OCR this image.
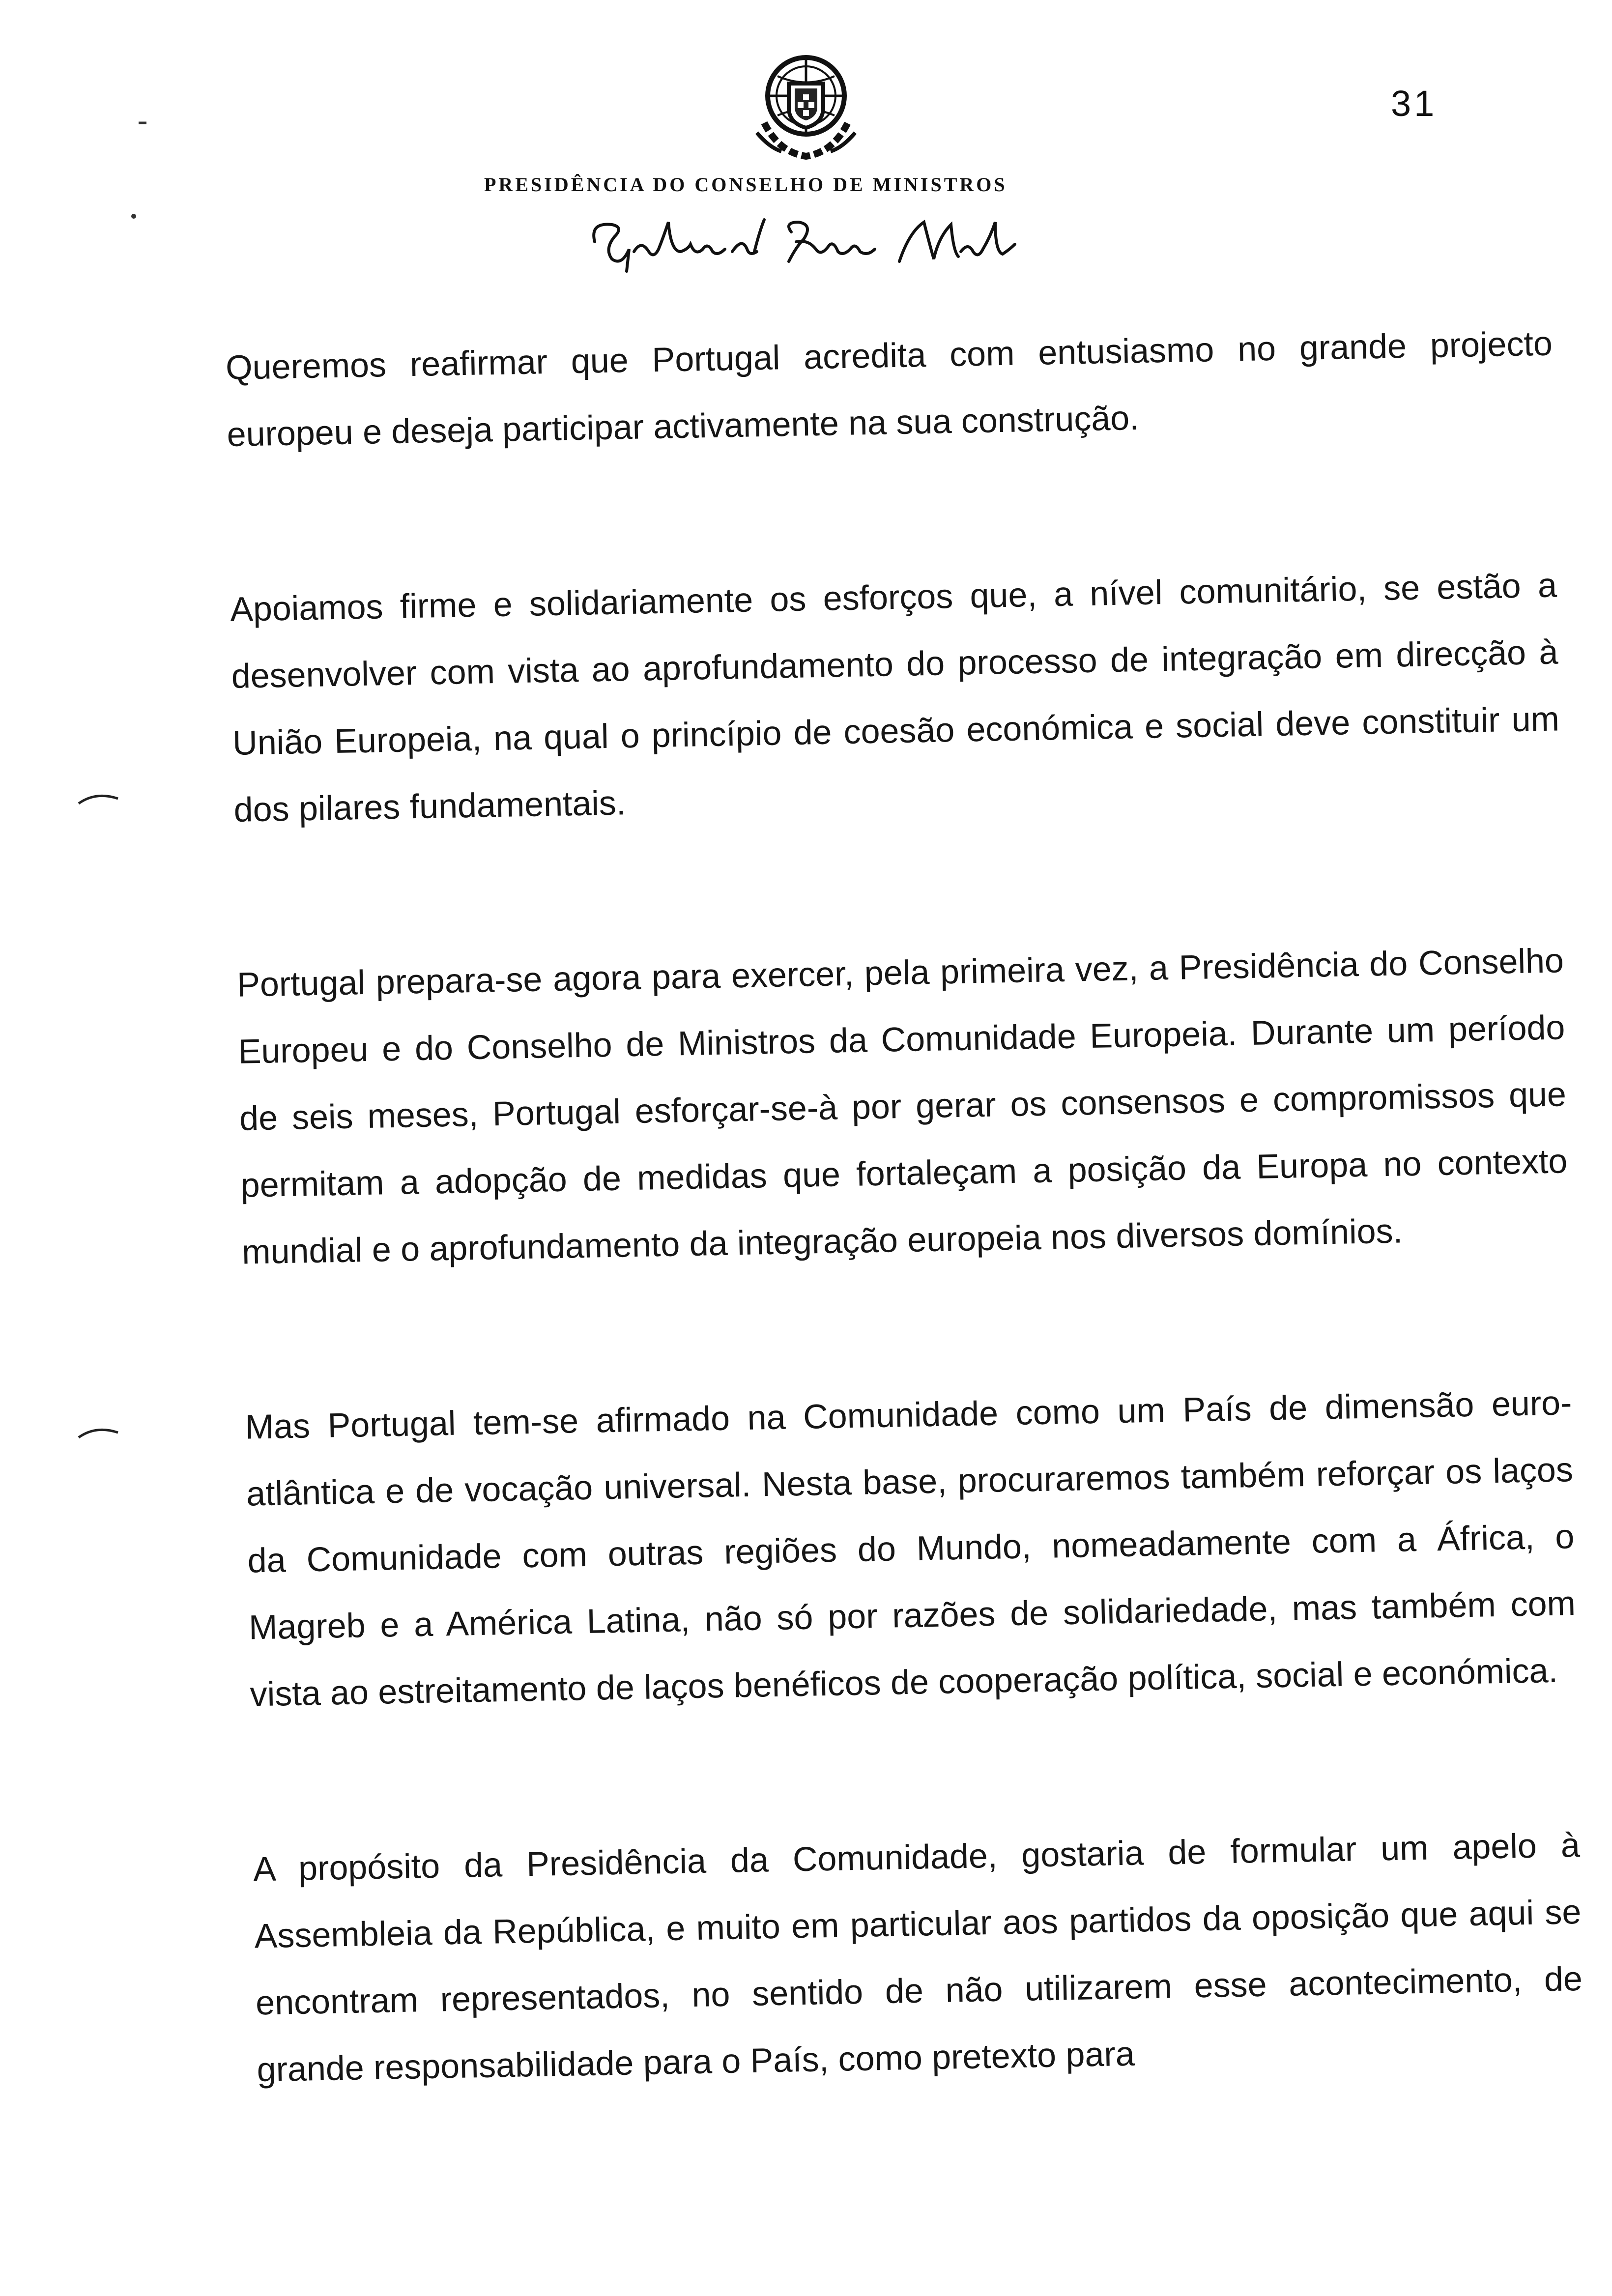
31
PRESIDÊNCIA DO CONSELHO DE MINISTROS

Queremos reafirmar que Portugal acredita com entusiasmo no grande projecto europeu e deseja participar activamente na sua construção.

Apoiamos firme e solidariamente os esforços que, a nível comunitário, se estão a desenvolver com vista ao aprofundamento do processo de integração em direcção à União Europeia, na qual o princípio de coesão económica e social deve constituir um dos pilares fundamentais.

Portugal prepara-se agora para exercer, pela primeira vez, a Presidência do Conselho Europeu e do Conselho de Ministros da Comunidade Europeia. Durante um período de seis meses, Portugal esforçar-se-à por gerar os consensos e compromissos que permitam a adopção de medidas que fortaleçam a posição da Europa no contexto mundial e o aprofundamento da integração europeia nos diversos domínios.

Mas Portugal tem-se afirmado na Comunidade como um País de dimensão euro-atlântica e de vocação universal. Nesta base, procuraremos também reforçar os laços da Comunidade com outras regiões do Mundo, nomeadamente com a África, o Magreb e a América Latina, não só por razões de solidariedade, mas também com vista ao estreitamento de laços benéficos de cooperação política, social e económica.

A propósito da Presidência da Comunidade, gostaria de formular um apelo à Assembleia da República, e muito em particular aos partidos da oposição que aqui se encontram representados, no sentido de não utilizarem esse acontecimento, de grande responsabilidade para o País, como pretexto para
